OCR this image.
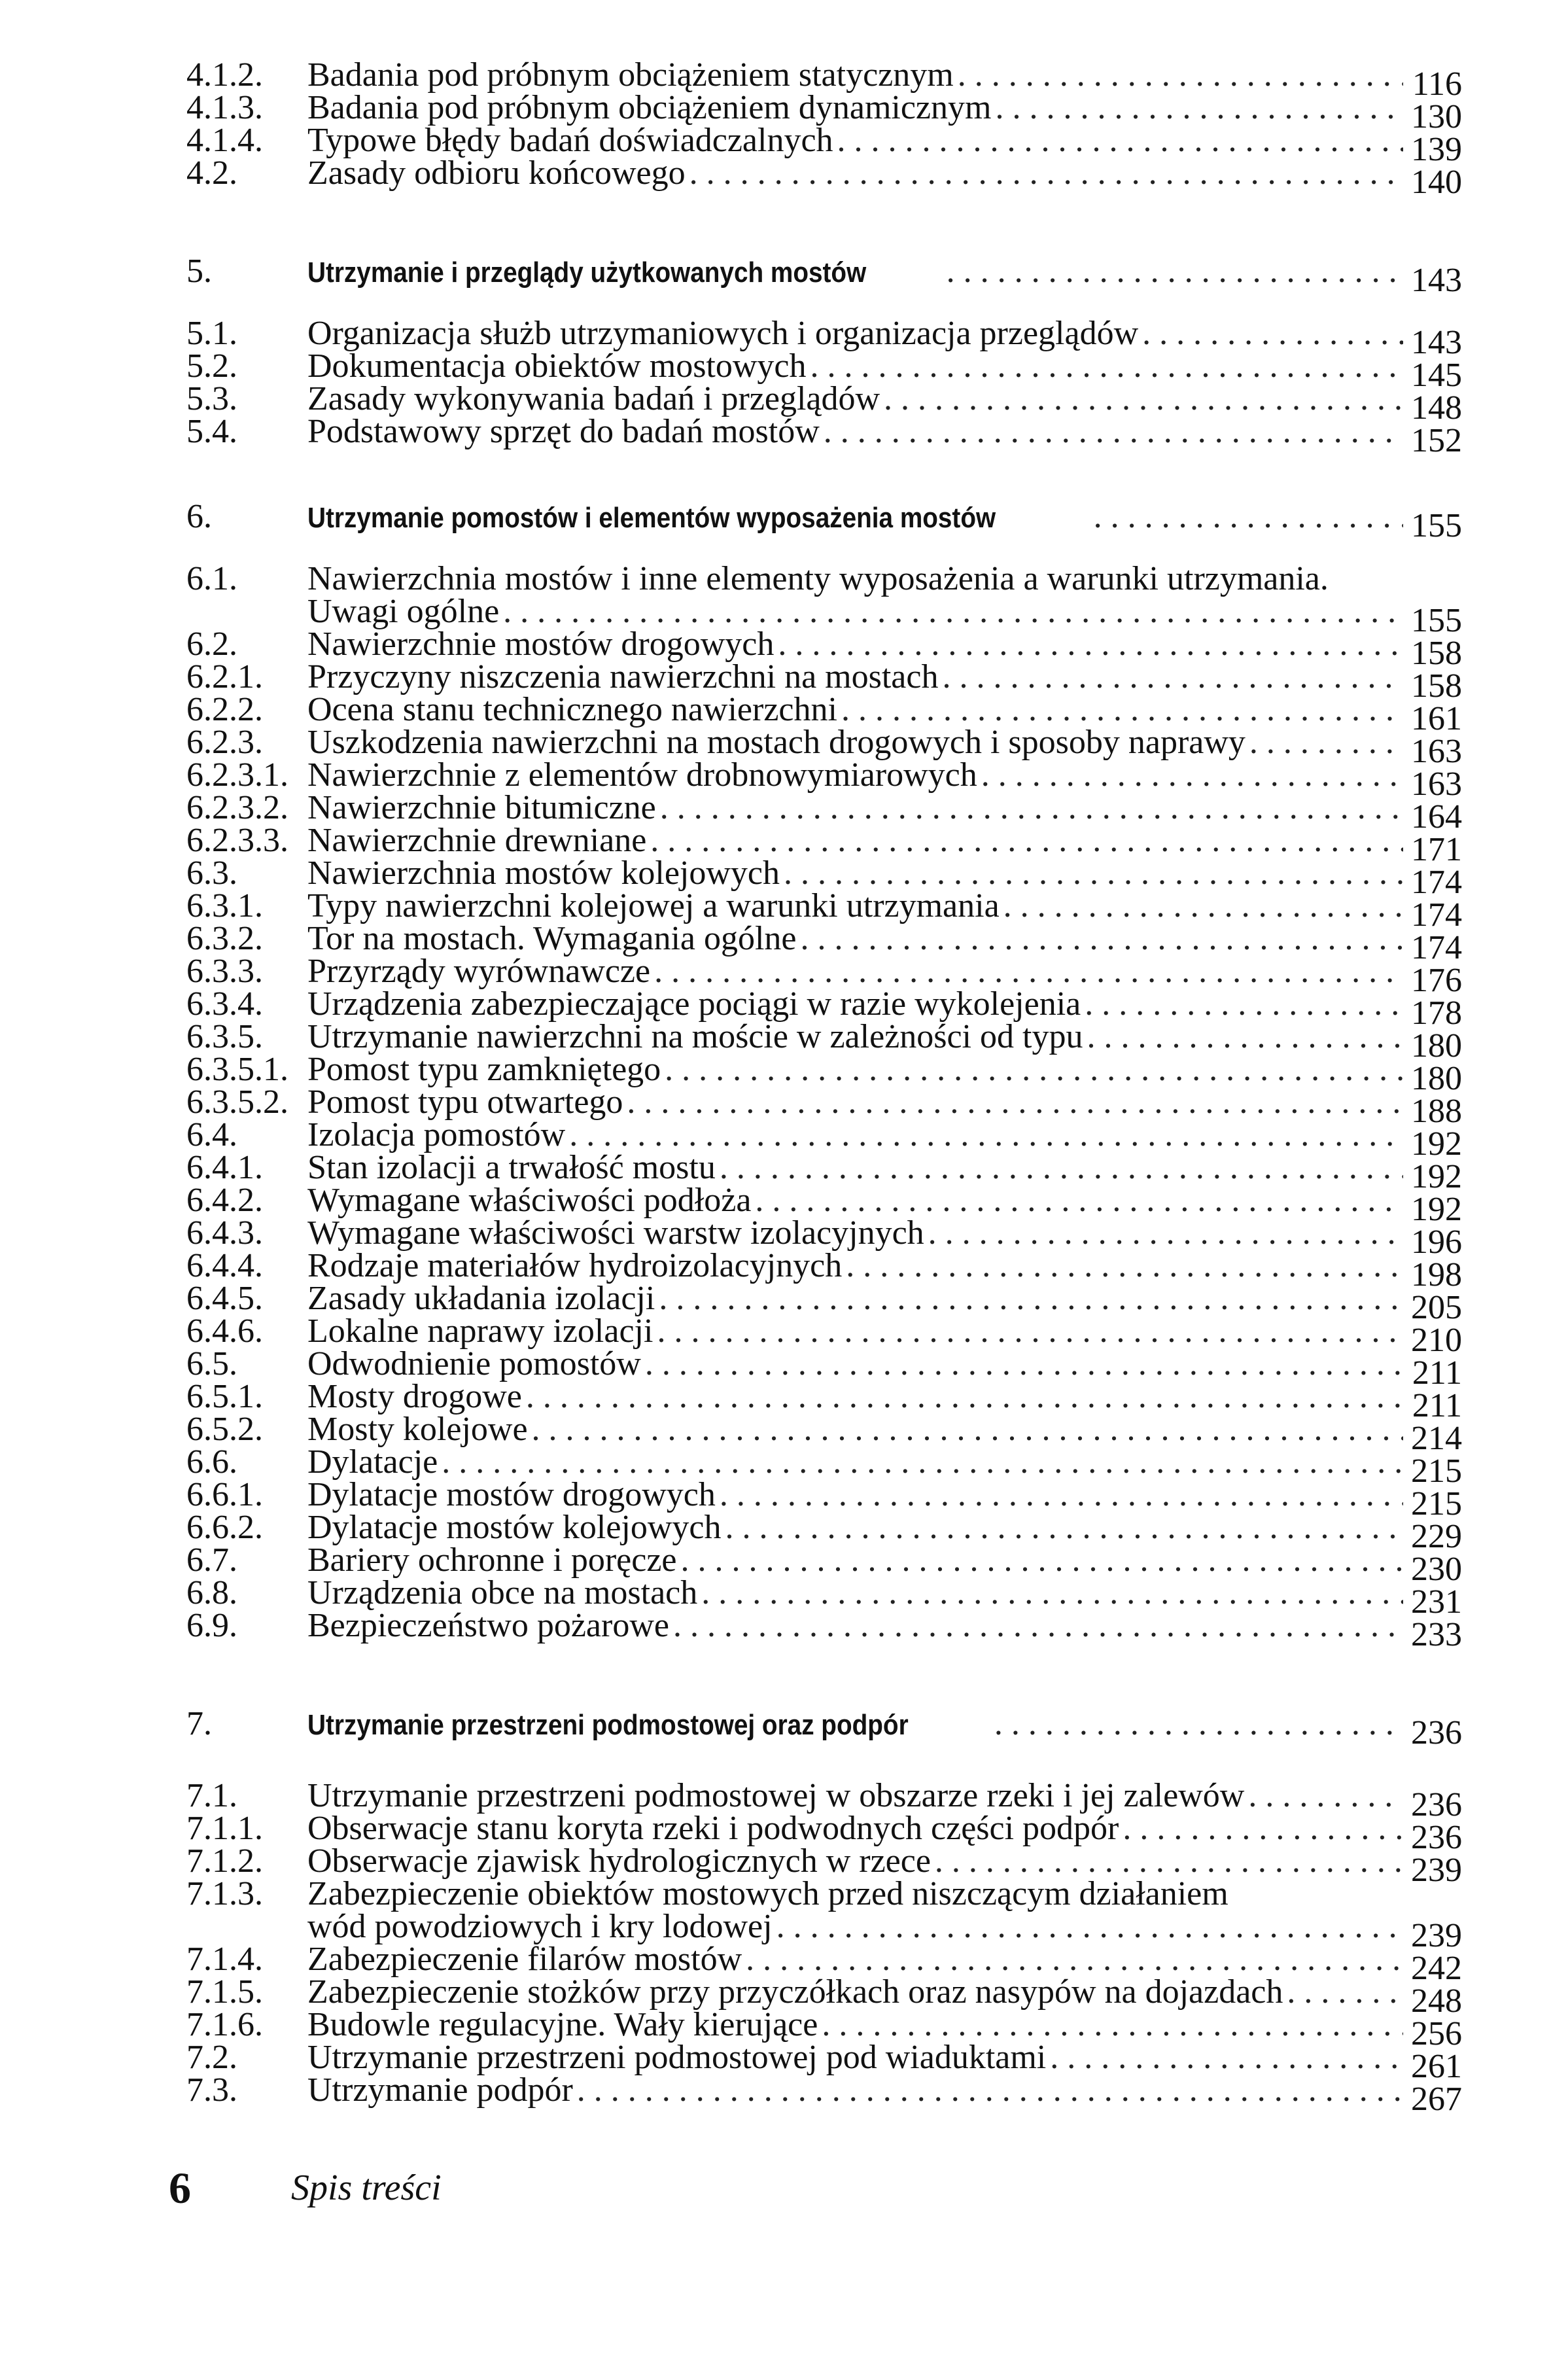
4.1.2. Badania pod próbnym obciążeniem statycznym . . .	116
4.1.3. Badania pod próbnym obciążeniem dynamicznym . . .	130
4.1.4. Typowe błędy badań doświadczalnych . . .	139
4.2. Zasady odbioru końcowego . . .	140
5.	Utrzymanie i przeglądy użytkowanych mostów . . .	143
5.1. Organizacja służb utrzymaniowych i organizacja przeglądów . . .	143
5.2. Dokumentacja obiektów mostowych . . .	145
5.3. Zasady wykonywania badań i przeglądów . . .	148
5.4. Podstawowy sprzęt do badań mostów . . .	152
6.	Utrzymanie pomostów i elementów wyposażenia mostów . . .	155
6.1. Nawierzchnia mostów i inne elementy wyposażenia a warunki utrzymania.
Uwagi ogólne . . .	155
6.2. Nawierzchnie mostów drogowych . . .	158
6.2.1. Przyczyny niszczenia nawierzchni na mostach . . .	158
6.2.2. Ocena stanu technicznego nawierzchni . . .	161
6.2.3. Uszkodzenia nawierzchni na mostach drogowych i sposoby naprawy . . .	163
6.2.3.1. Nawierzchnie z elementów drobnowymiarowych . . .	163
6.2.3.2. Nawierzchnie bitumiczne . . .	164
6.2.3.3. Nawierzchnie drewniane . . .	171
6.3. Nawierzchnia mostów kolejowych . . .	174
6.3.1. Typy nawierzchni kolejowej a warunki utrzymania . . .	174
6.3.2. Tor na mostach. Wymagania ogólne . . .	174
6.3.3. Przyrządy wyrównawcze . . .	176
6.3.4. Urządzenia zabezpieczające pociągi w razie wykolejenia . . .	178
6.3.5. Utrzymanie nawierzchni na moście w zależności od typu . . .	180
6.3.5.1. Pomost typu zamkniętego . . .	180
6.3.5.2. Pomost typu otwartego . . .	188
6.4. Izolacja pomostów . . .	192
6.4.1. Stan izolacji a trwałość mostu . . .	192
6.4.2. Wymagane właściwości podłoża . . .	192
6.4.3. Wymagane właściwości warstw izolacyjnych . . .	196
6.4.4. Rodzaje materiałów hydroizolacyjnych . . .	198
6.4.5. Zasady układania izolacji . . .	205
6.4.6. Lokalne naprawy izolacji . . .	210
6.5. Odwodnienie pomostów . . .	211
6.5.1. Mosty drogowe . . .	211
6.5.2. Mosty kolejowe . . .	214
6.6. Dylatacje . . .	215
6.6.1. Dylatacje mostów drogowych . . .	215
6.6.2. Dylatacje mostów kolejowych . . .	229
6.7. Bariery ochronne i poręcze . . .	230
6.8. Urządzenia obce na mostach . . .	231
6.9. Bezpieczeństwo pożarowe . . .	233
7.	Utrzymanie przestrzeni podmostowej oraz podpór . . .	236
7.1. Utrzymanie przestrzeni podmostowej w obszarze rzeki i jej zalewów . . .	236
7.1.1. Obserwacje stanu koryta rzeki i podwodnych części podpór . . .	236
7.1.2. Obserwacje zjawisk hydrologicznych w rzece . . .	239
7.1.3. Zabezpieczenie obiektów mostowych przed niszczącym działaniem
wód powodziowych i kry lodowej . . .	239
7.1.4. Zabezpieczenie filarów mostów . . .	242
7.1.5. Zabezpieczenie stożków przy przyczółkach oraz nasypów na dojazdach . . .	248
7.1.6. Budowle regulacyjne. Wały kierujące . . .	256
7.2. Utrzymanie przestrzeni podmostowej pod wiaduktami . . .	261
7.3. Utrzymanie podpór . . .	267
6	Spis treści
